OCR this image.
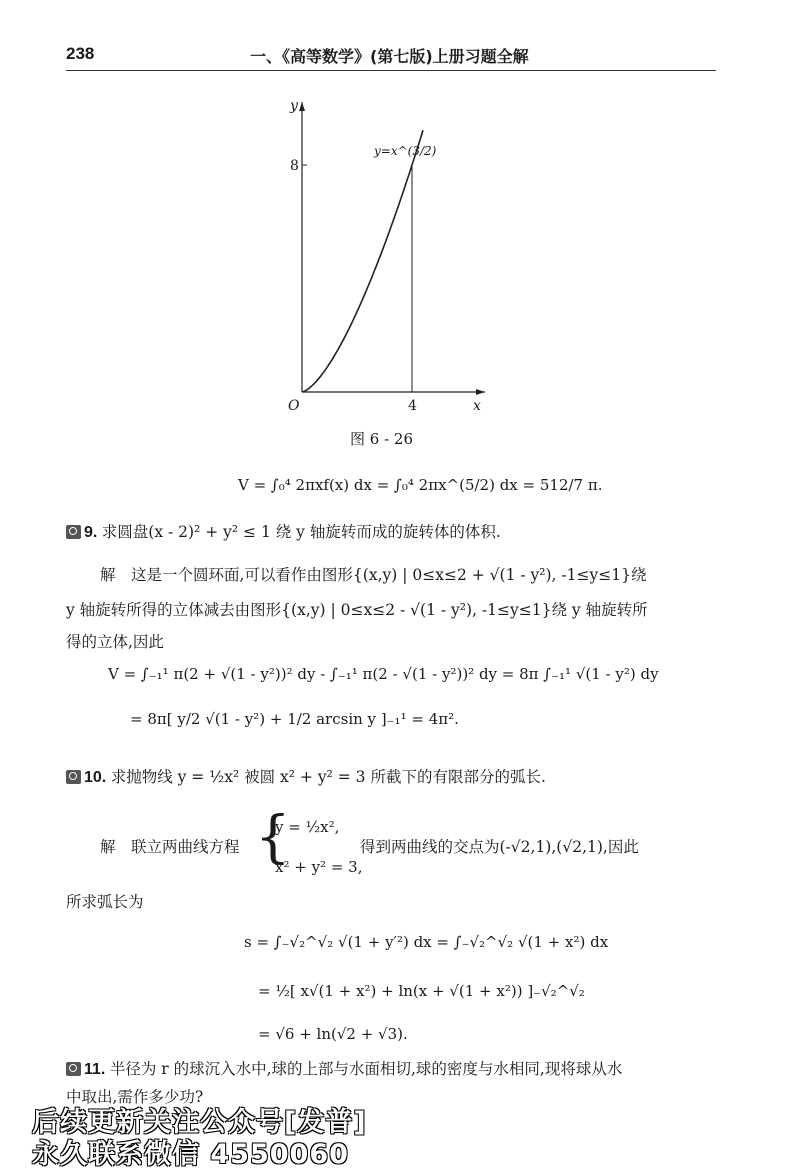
238	一、《高等数学》(第七版)上册习题全解
8
4
O
y
x
y=x^(3/2)
图 6 - 26
V = ∫₀⁴ 2πxf(x) dx = ∫₀⁴ 2πx^(5/2) dx = 512/7 π.
9. 求圆盘(x - 2)² + y² ≤ 1 绕 y 轴旋转而成的旋转体的体积.
解　这是一个圆环面,可以看作由图形{(x,y) | 0≤x≤2 + √(1 - y²), -1≤y≤1}绕
y 轴旋转所得的立体减去由图形{(x,y) | 0≤x≤2 - √(1 - y²), -1≤y≤1}绕 y 轴旋转所
得的立体,因此
V = ∫₋₁¹ π(2 + √(1 - y²))² dy - ∫₋₁¹ π(2 - √(1 - y²))² dy = 8π ∫₋₁¹ √(1 - y²) dy
= 8π[ y/2 √(1 - y²) + 1/2 arcsin y ]₋₁¹ = 4π².
10. 求抛物线 y = ½x² 被圆 x² + y² = 3 所截下的有限部分的弧长.
解　联立两曲线方程 {
y = ½x²,
x² + y² = 3,
得到两曲线的交点为(-√2,1),(√2,1),因此
所求弧长为
s = ∫₋√₂^√₂ √(1 + y′²) dx = ∫₋√₂^√₂ √(1 + x²) dx
= ½[ x√(1 + x²) + ln(x + √(1 + x²)) ]₋√₂^√₂
= √6 + ln(√2 + √3).
11. 半径为 r 的球沉入水中,球的上部与水面相切,球的密度与水相同,现将球从水
中取出,需作多少功?
后续更新关注公众号[发普]
永久联系微信 4550060
